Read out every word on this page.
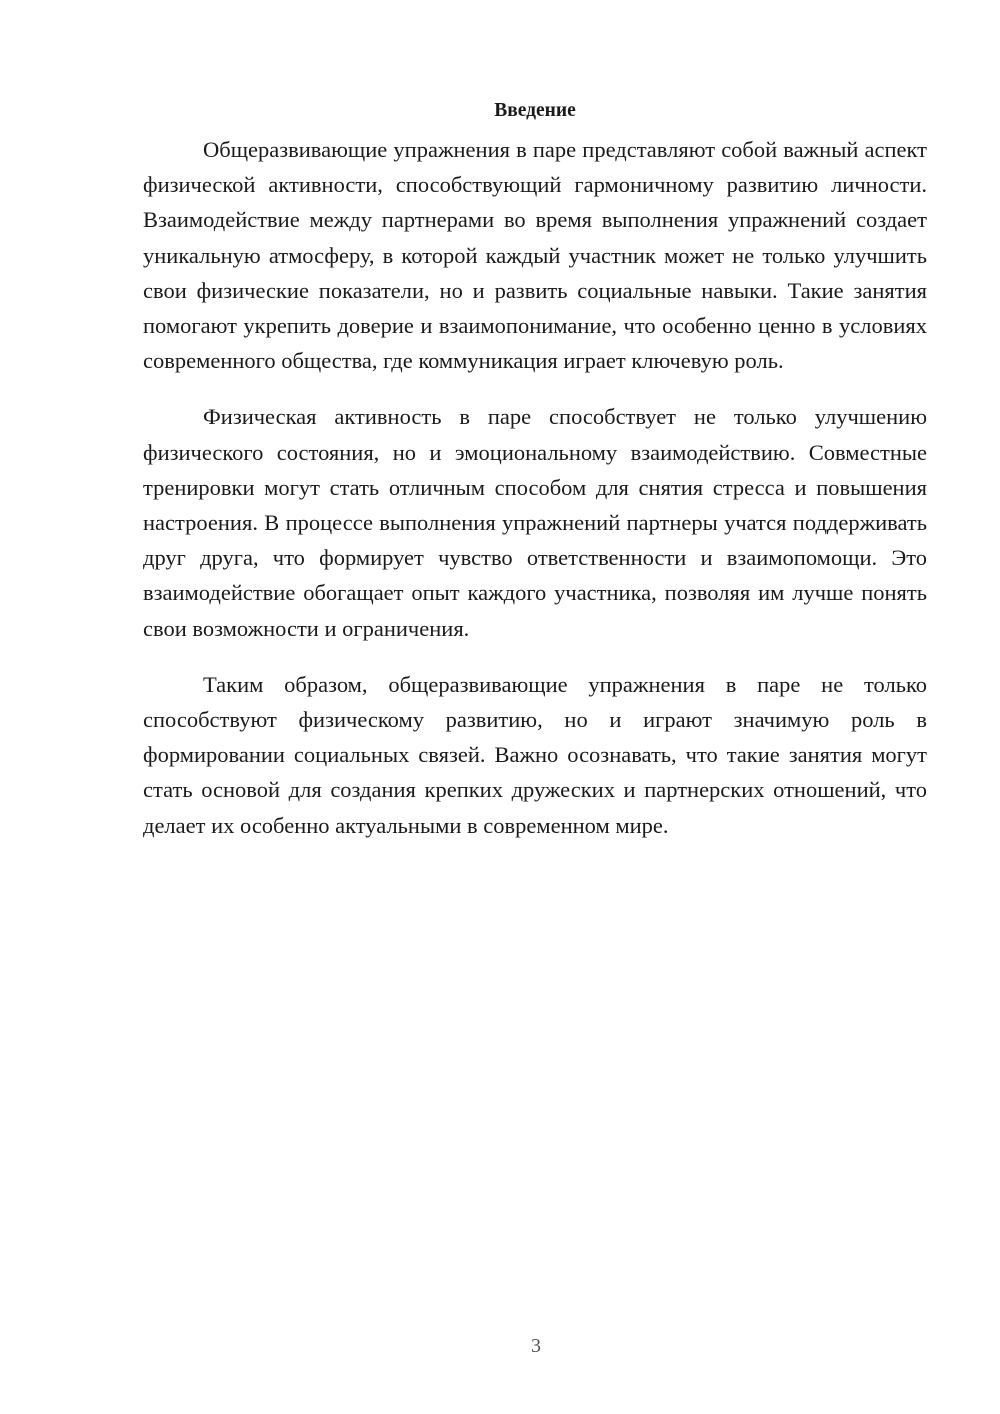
Введение

Общеразвивающие упражнения в паре представляют собой важный аспект физической активности, способствующий гармоничному развитию личности. Взаимодействие между партнерами во время выполнения упражнений создает уникальную атмосферу, в которой каждый участник может не только улучшить свои физические показатели, но и развить социальные навыки. Такие занятия помогают укрепить доверие и взаимопонимание, что особенно ценно в условиях современного общества, где коммуникация играет ключевую роль.

Физическая активность в паре способствует не только улучшению физического состояния, но и эмоциональному взаимодействию. Совместные тренировки могут стать отличным способом для снятия стресса и повышения настроения. В процессе выполнения упражнений партнеры учатся поддерживать друг друга, что формирует чувство ответственности и взаимопомощи. Это взаимодействие обогащает опыт каждого участника, позволяя им лучше понять свои возможности и ограничения.

Таким образом, общеразвивающие упражнения в паре не только способствуют физическому развитию, но и играют значимую роль в формировании социальных связей. Важно осознавать, что такие занятия могут стать основой для создания крепких дружеских и партнерских отношений, что делает их особенно актуальными в современном мире.

3
